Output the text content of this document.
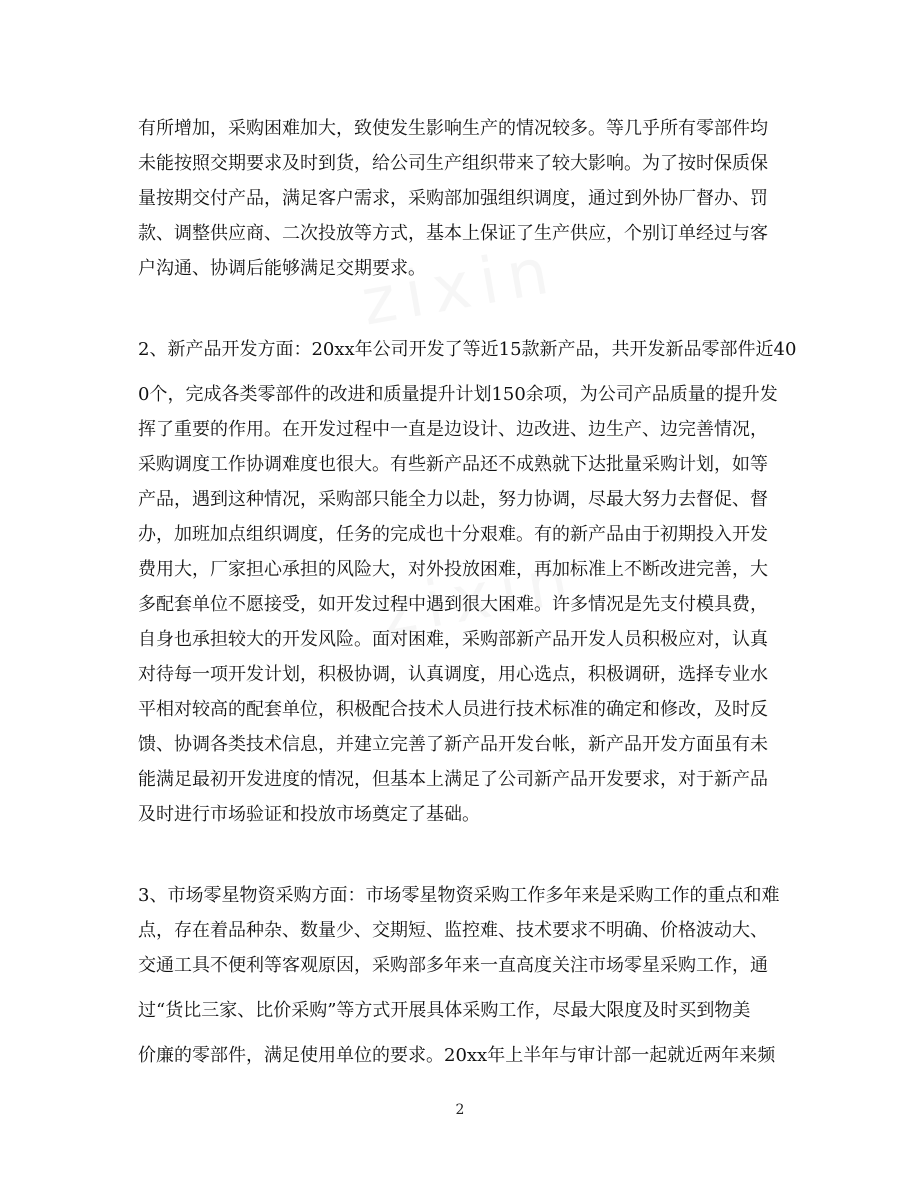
有所增加，采购困难加大，致使发生影响生产的情况较多。等几乎所有零部件均
未能按照交期要求及时到货，给公司生产组织带来了较大影响。为了按时保质保
量按期交付产品，满足客户需求，采购部加强组织调度，通过到外协厂督办、罚
款、调整供应商、二次投放等方式，基本上保证了生产供应，个别订单经过与客
户沟通、协调后能够满足交期要求。
2、新产品开发方面：20xx年公司开发了等近15款新产品，共开发新品零部件近40
0个，完成各类零部件的改进和质量提升计划150余项，为公司产品质量的提升发
挥了重要的作用。在开发过程中一直是边设计、边改进、边生产、边完善情况，
采购调度工作协调难度也很大。有些新产品还不成熟就下达批量采购计划，如等
产品，遇到这种情况，采购部只能全力以赴，努力协调，尽最大努力去督促、督
办，加班加点组织调度，任务的完成也十分艰难。有的新产品由于初期投入开发
费用大，厂家担心承担的风险大，对外投放困难，再加标准上不断改进完善，大
多配套单位不愿接受，如开发过程中遇到很大困难。许多情况是先支付模具费，
自身也承担较大的开发风险。面对困难，采购部新产品开发人员积极应对，认真
对待每一项开发计划，积极协调，认真调度，用心选点，积极调研，选择专业水
平相对较高的配套单位，积极配合技术人员进行技术标准的确定和修改，及时反
馈、协调各类技术信息，并建立完善了新产品开发台帐，新产品开发方面虽有未
能满足最初开发进度的情况，但基本上满足了公司新产品开发要求，对于新产品
及时进行市场验证和投放市场奠定了基础。
3、市场零星物资采购方面：市场零星物资采购工作多年来是采购工作的重点和难
点，存在着品种杂、数量少、交期短、监控难、技术要求不明确、价格波动大、
交通工具不便利等客观原因，采购部多年来一直高度关注市场零星采购工作，通
过“货比三家、比价采购”等方式开展具体采购工作，尽最大限度及时买到物美
价廉的零部件，满足使用单位的要求。20xx年上半年与审计部一起就近两年来频
2
